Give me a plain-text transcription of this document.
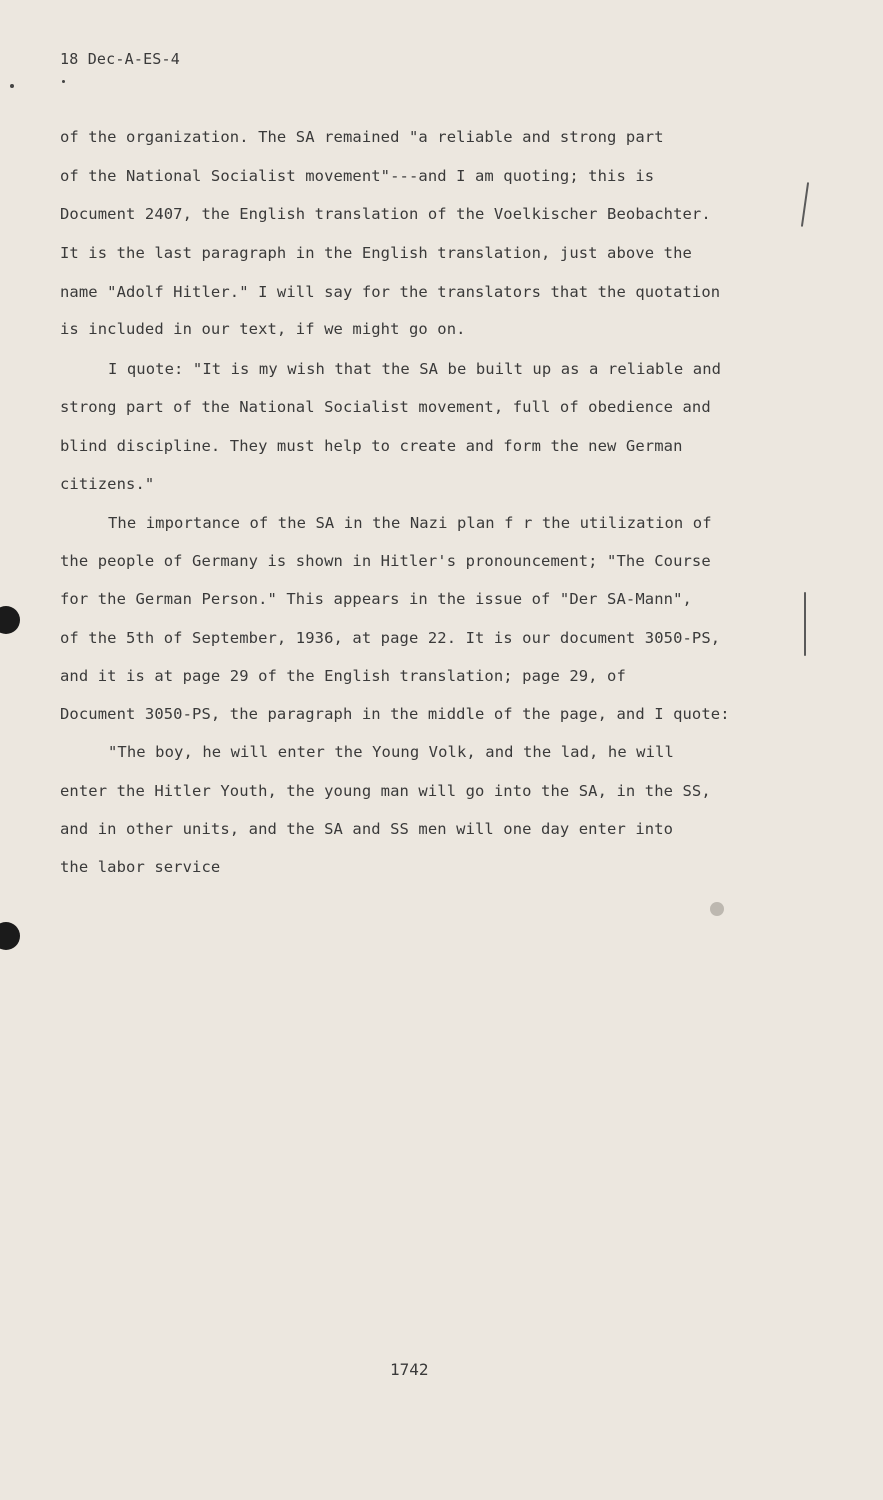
18 Dec-A-ES-4
of the organization. The SA remained "a reliable and strong part
of the National Socialist movement"---and I am quoting; this is
Document 2407, the English translation of the Voelkischer Beobachter.
It is the last paragraph in the English translation, just above the
name "Adolf Hitler." I will say for the translators that the quotation
is included in our text, if we might go on.
I quote: "It is my wish that the SA be built up as a reliable and
strong part of the National Socialist movement, full of obedience and
blind discipline. They must help to create and form the new German
citizens."
The importance of the SA in the Nazi plan f r the utilization of
the people of Germany is shown in Hitler's pronouncement; "The Course
for the German Person." This appears in the issue of "Der SA-Mann",
of the 5th of September, 1936, at page 22. It is our document 3050-PS,
and it is at page 29 of the English translation; page 29, of
Document 3050-PS, the paragraph in the middle of the page, and I quote:
"The boy, he will enter the Young Volk, and the lad, he will
enter the Hitler Youth, the young man will go into the SA, in the SS,
and in other units, and the SA and SS men will one day enter into
the labor service
1742
